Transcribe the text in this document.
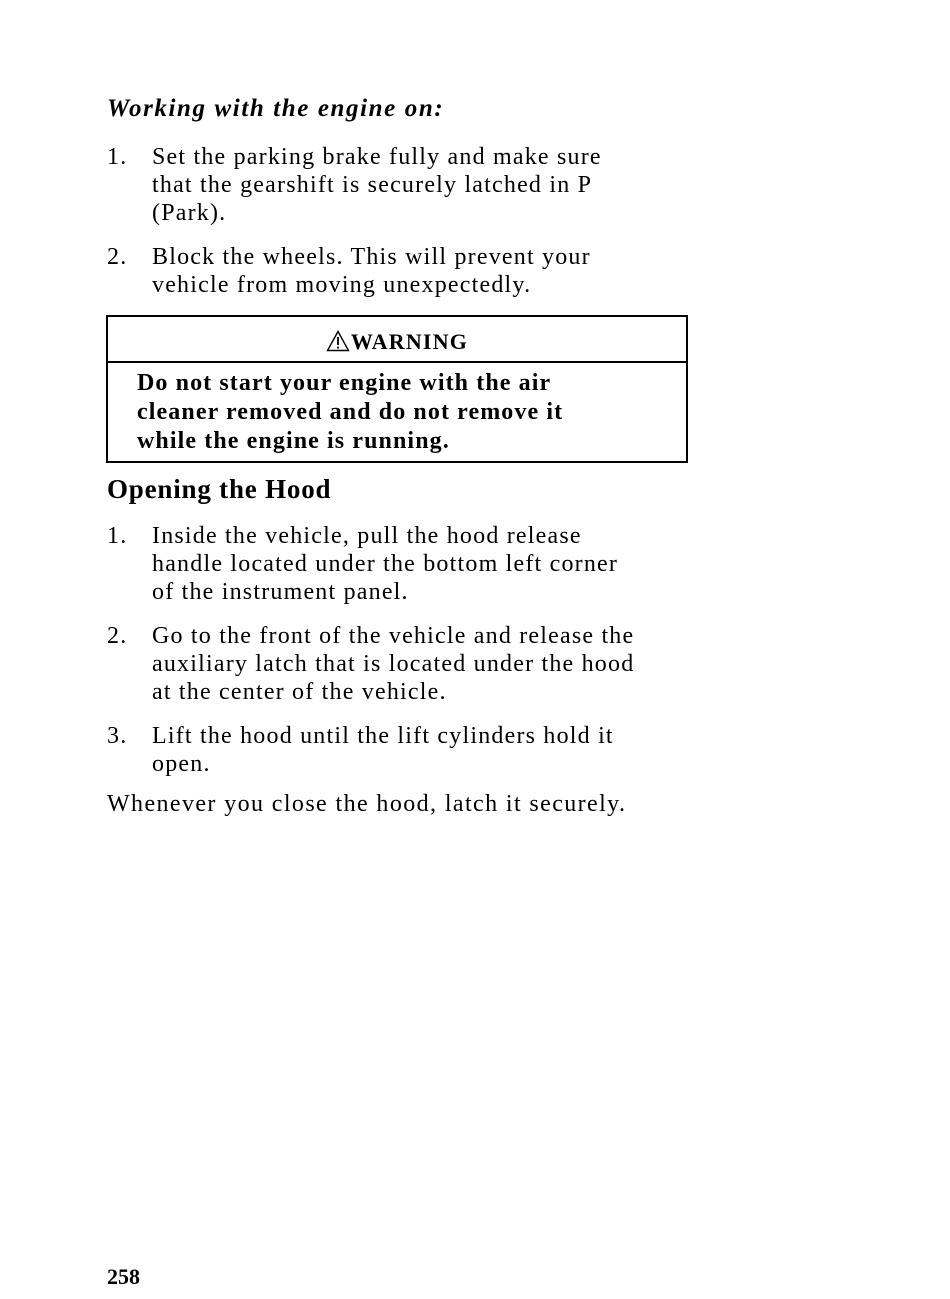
Working with the engine on:
1. Set the parking brake fully and make sure
that the gearshift is securely latched in P
(Park).
2. Block the wheels. This will prevent your
vehicle from moving unexpectedly.
WARNING
Do not start your engine with the air
cleaner removed and do not remove it
while the engine is running.
Opening the Hood
1. Inside the vehicle, pull the hood release
handle located under the bottom left corner
of the instrument panel.
2. Go to the front of the vehicle and release the
auxiliary latch that is located under the hood
at the center of the vehicle.
3. Lift the hood until the lift cylinders hold it
open.
Whenever you close the hood, latch it securely.
258
